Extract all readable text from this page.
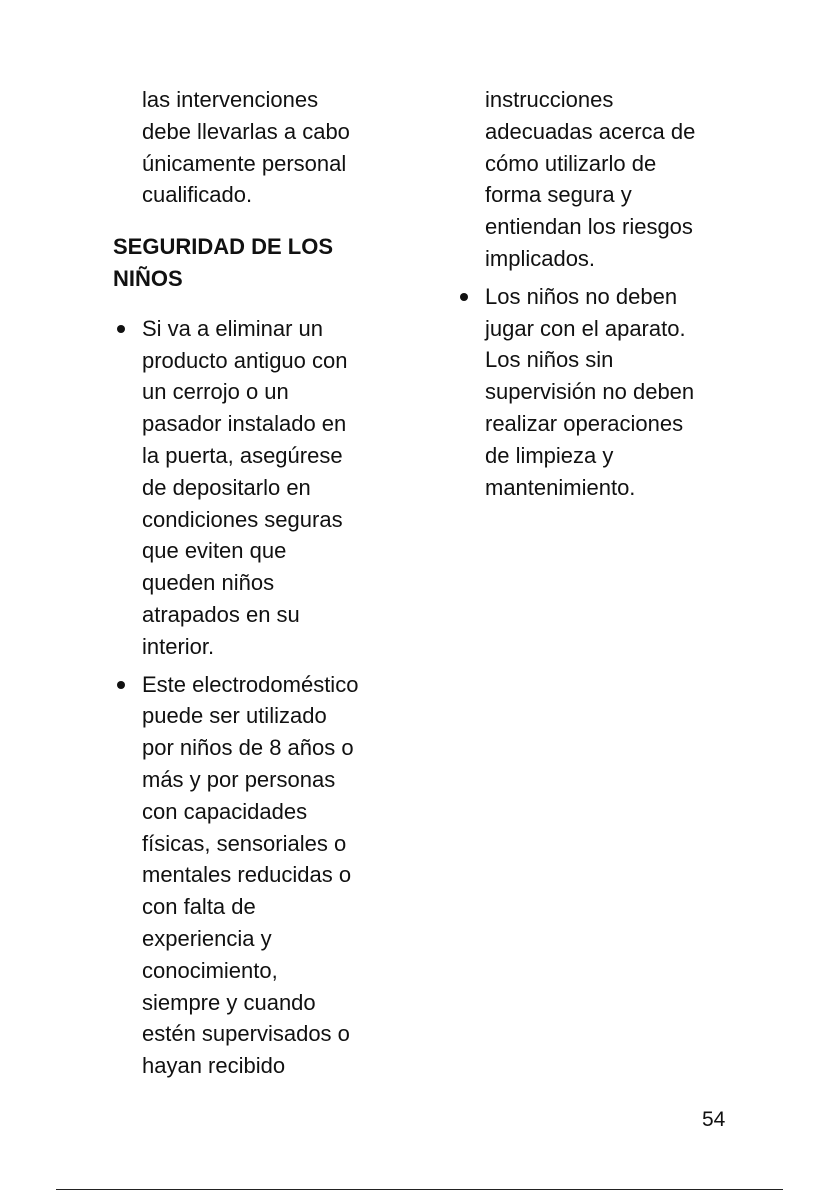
las intervenciones
debe llevarlas a cabo
únicamente personal
cualificado.
SEGURIDAD DE LOS
NIÑOS
Si va a eliminar un
producto antiguo con
un cerrojo o un
pasador instalado en
la puerta, asegúrese
de depositarlo en
condiciones seguras
que eviten que
queden niños
atrapados en su
interior.
Este electrodoméstico
puede ser utilizado
por niños de 8 años o
más y por personas
con capacidades
físicas, sensoriales o
mentales reducidas o
con falta de
experiencia y
conocimiento,
siempre y cuando
estén supervisados o
hayan recibido
instrucciones
adecuadas acerca de
cómo utilizarlo de
forma segura y
entiendan los riesgos
implicados.
Los niños no deben
jugar con el aparato.
Los niños sin
supervisión no deben
realizar operaciones
de limpieza y
mantenimiento.
54
